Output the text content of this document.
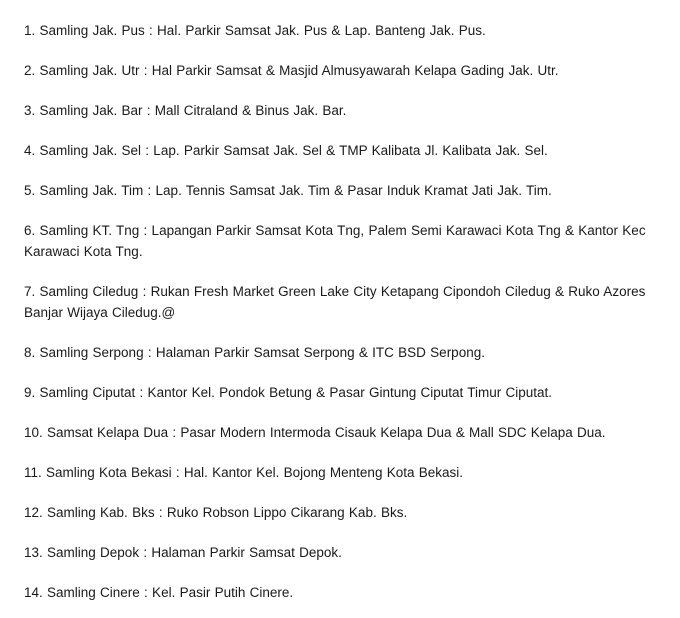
1. Samling Jak. Pus : Hal. Parkir Samsat Jak. Pus & Lap. Banteng Jak. Pus.

2. Samling Jak. Utr : Hal Parkir Samsat & Masjid Almusyawarah Kelapa Gading Jak. Utr.

3. Samling Jak. Bar : Mall Citraland & Binus Jak. Bar.

4. Samling Jak. Sel : Lap. Parkir Samsat Jak. Sel & TMP Kalibata Jl. Kalibata Jak. Sel.

5. Samling Jak. Tim : Lap. Tennis Samsat Jak. Tim & Pasar Induk Kramat Jati Jak. Tim.

6. Samling KT. Tng : Lapangan Parkir Samsat Kota Tng, Palem Semi Karawaci Kota Tng & Kantor Kec Karawaci Kota Tng.

7. Samling Ciledug : Rukan Fresh Market Green Lake City Ketapang Cipondoh Ciledug & Ruko Azores Banjar Wijaya Ciledug.@

8. Samling Serpong : Halaman Parkir Samsat Serpong & ITC BSD Serpong.

9. Samling Ciputat : Kantor Kel. Pondok Betung & Pasar Gintung Ciputat Timur Ciputat.

10. Samsat Kelapa Dua : Pasar Modern Intermoda Cisauk Kelapa Dua & Mall SDC Kelapa Dua.

11. Samling Kota Bekasi : Hal. Kantor Kel. Bojong Menteng Kota Bekasi.

12. Samling Kab. Bks : Ruko Robson Lippo Cikarang Kab. Bks.

13. Samling Depok : Halaman Parkir Samsat Depok.

14. Samling Cinere : Kel. Pasir Putih Cinere.
